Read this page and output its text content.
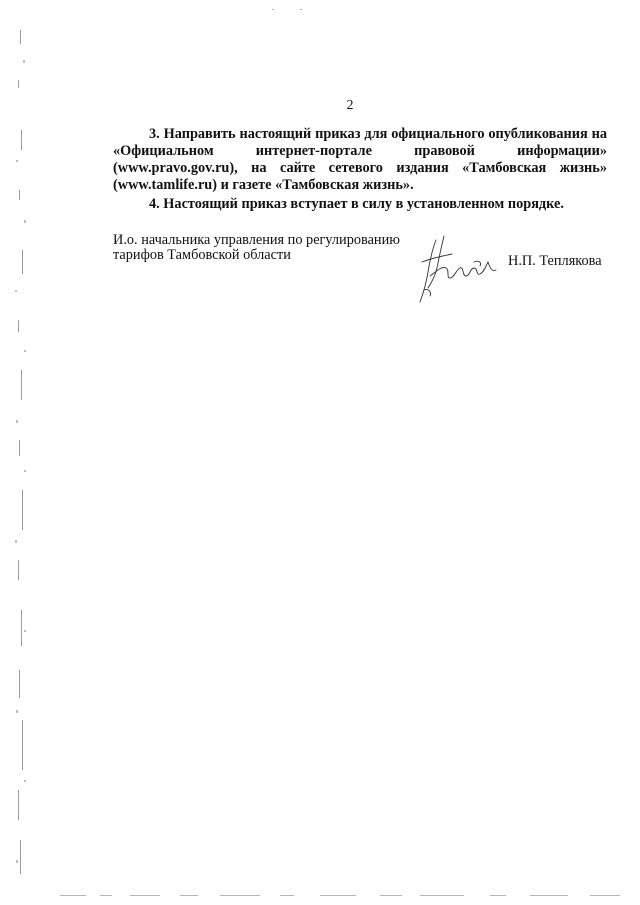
2

3. Направить настоящий приказ для официального опубликования на «Официальном интернет-портале правовой информации» (www.pravo.gov.ru), на сайте сетевого издания «Тамбовская жизнь» (www.tamlife.ru) и газете «Тамбовская жизнь».

4. Настоящий приказ вступает в силу в установленном порядке.

И.о. начальника управления по регулированию
тарифов Тамбовской области	Н.П. Теплякова
